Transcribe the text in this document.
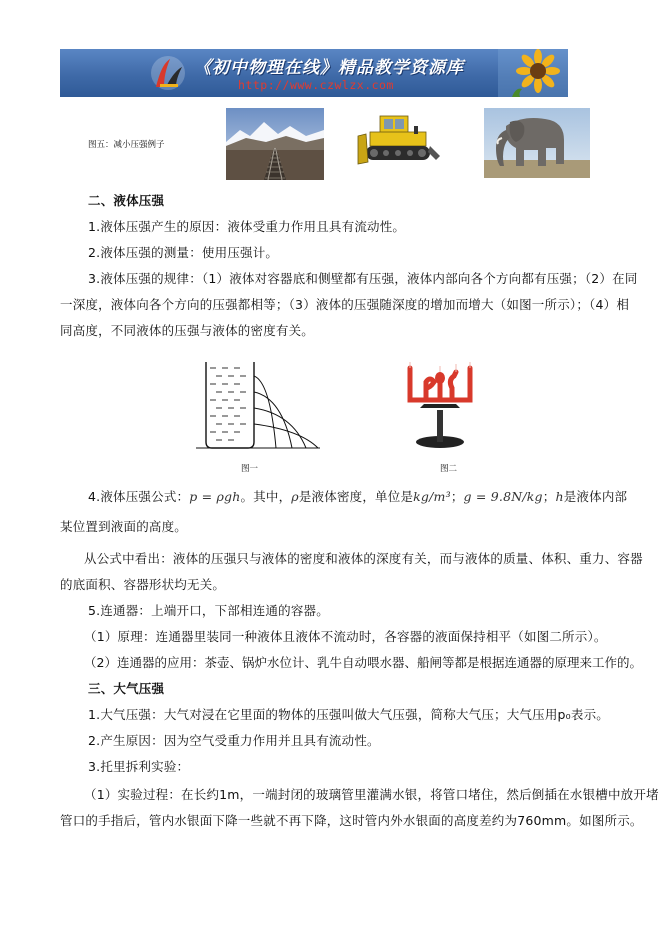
《初中物理在线》精品教学资源库
http://www.czwlzx.com
图五：减小压强例子
二、液体压强
1.液体压强产生的原因：液体受重力作用且具有流动性。
2.液体压强的测量：使用压强计。
3.液体压强的规律：（1）液体对容器底和侧壁都有压强，液体内部向各个方向都有压强；（2）在同
一深度，液体向各个方向的压强都相等；（3）液体的压强随深度的增加而增大（如图一所示）；（4）相
同高度，不同液体的压强与液体的密度有关。
图一	图二
4.液体压强公式：p = ρgh。其中，ρ是液体密度，单位是kg/m³；g = 9.8N/kg；h是液体内部
某位置到液面的高度。
从公式中看出：液体的压强只与液体的密度和液体的深度有关，而与液体的质量、体积、重力、容器
的底面积、容器形状均无关。
5.连通器：上端开口，下部相连通的容器。
（1）原理：连通器里装同一种液体且液体不流动时，各容器的液面保持相平（如图二所示）。
（2）连通器的应用：茶壶、锅炉水位计、乳牛自动喂水器、船闸等都是根据连通器的原理来工作的。
三、大气压强
1.大气压强：大气对浸在它里面的物体的压强叫做大气压强，简称大气压；大气压用p₀表示。
2.产生原因：因为空气受重力作用并且具有流动性。
3.托里拆利实验：
（1）实验过程：在长约1m，一端封闭的玻璃管里灌满水银，将管口堵住，然后倒插在水银槽中放开堵
管口的手指后，管内水银面下降一些就不再下降，这时管内外水银面的高度差约为760mm。如图所示。
